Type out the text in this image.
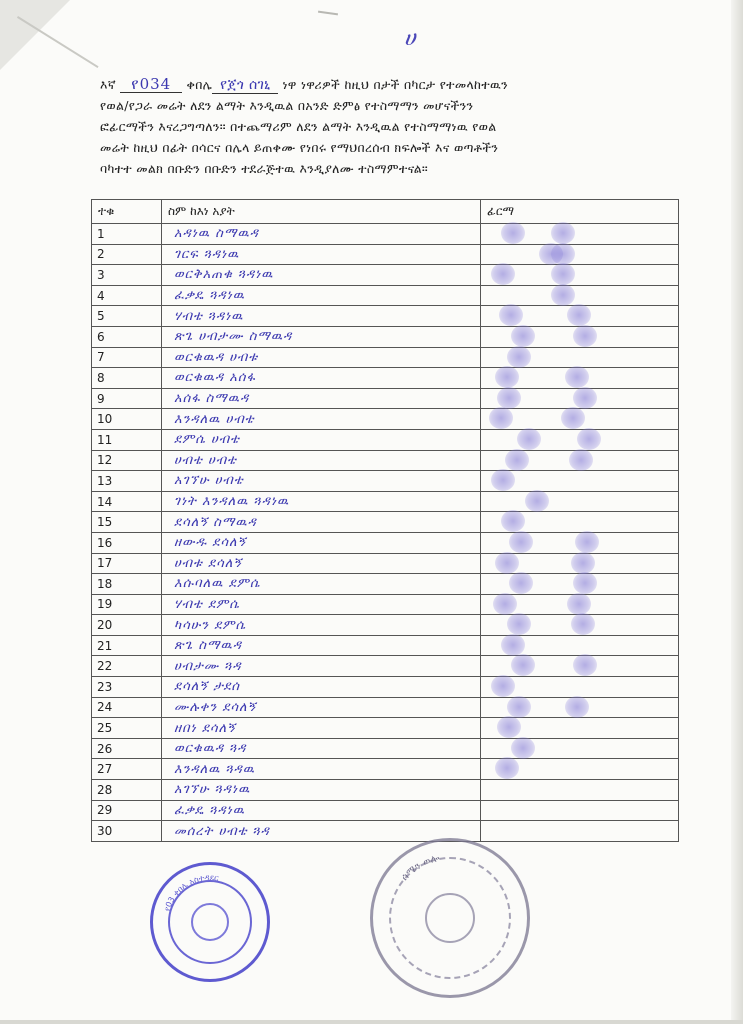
ሀ
እኛ የ034 ቀበሌ የጀጎ ሰገኒ ነዋ ነዋሪዎች ከዚህ በታች በካርታ የተመላከተዉን
የወል/የጋራ መሬት ለደን ልማት እንዲዉል በአንድ ድምፅ የተስማማን መሆናችንን
ፎፊርማችን እናረጋግጣለን። በተጨማሪም ለደን ልማት እንዲዉል የተስማማነዉ የወል
መሬት ከዚህ በፊት በሳርና በሌላ ይጠቀሙ የነበሩ የማህበረሰብ ክፍሎች እና ወጣቶችን
ባካተተ መልክ በቡድን በቡድን ተደራጅተዉ እንዲያለሙ ተስማምተናል።
ተቁ	ስም ከእነ አያት	ፊርማ
1	አዳነዉ ስማዉዳ	

2	ገርፍ ጓዳነዉ	

3	ወርቅአጠቁ ጓዳነዉ	

4	ፈቃዴ ጓዳነዉ	

5	ሃብቴ ጓዳነዉ	

6	ጽጌ ሀብታሙ ስማዉዳ	

7	ወርቁዉዳ ሀብቱ	

8	ወርቁዉዳ አሰፋ	

9	አሰፋ ስማዉዳ	

10	እንዳለዉ ሀብቴ	

11	ደምሴ ሀብቴ	

12	ሀብቴ ሀብቴ	

13	አገኘሁ ሀብቴ	

14	ገነት እንዳለዉ ጓዳነዉ	

15	ደሳለኝ ስማዉዳ	

16	ዘውዱ ደሳለኝ	

17	ሀብቱ ደሳለኝ	

18	እሱባለዉ ደምሴ	

19	ሃብቴ ደምሴ	

20	ካሳሁን ደምሴ	

21	ጽጌ ስማዉዳ	

22	ሀብታሙ ጓዳ	

23	ደሳለኝ ታደሰ	

24	ሙሉቀን ደሳለኝ	

25	ዘበነ ደሳለኝ	

26	ወርቁዉዳ ጓዳ	

27	እንዳለዉ ጓዳዉ	

28	አገኘሁ ጓዳነዉ	
29	ፈቃዴ ጓዳነዉ	
30	መሰረት ሀብቴ ጓዳ	
የ03 ቀበሌ አስተዳደር	ሰሜን ወሎ
